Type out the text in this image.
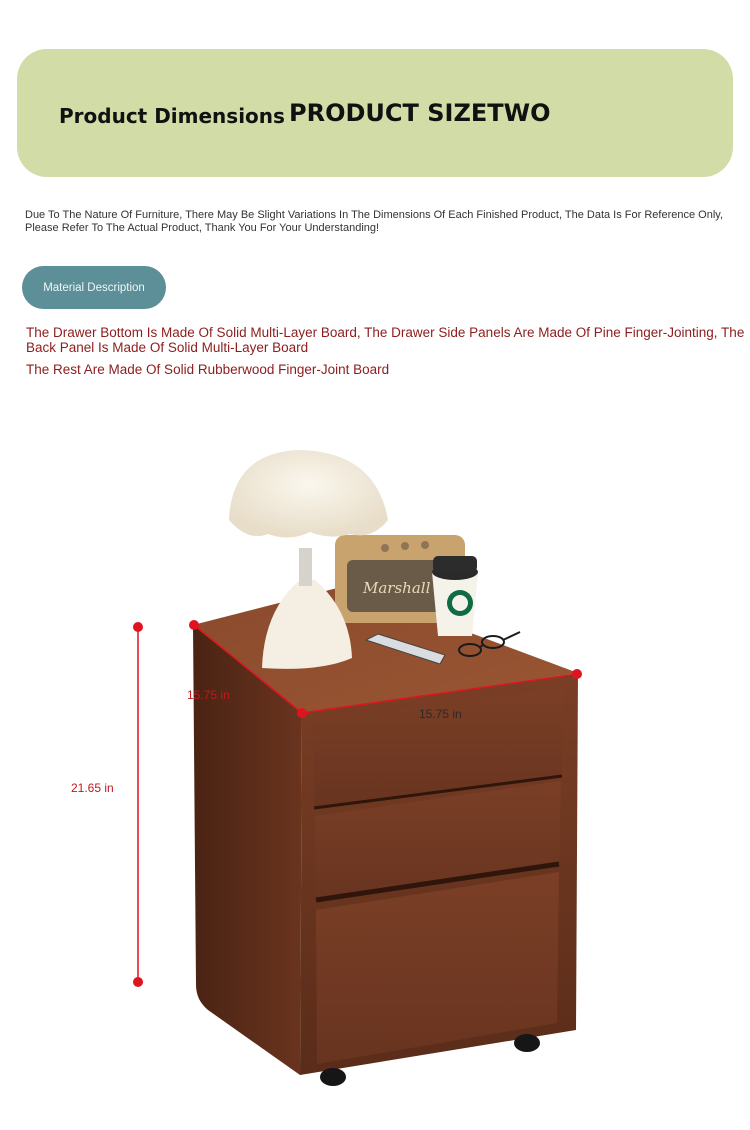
Product Dimensions PRODUCT SIZETWO

Due To The Nature Of Furniture, There May Be Slight Variations In The Dimensions Of Each Finished Product, The Data Is For Reference Only, Please Refer To The Actual Product, Thank You For Your Understanding!

Material Description

The Drawer Bottom Is Made Of Solid Multi-Layer Board, The Drawer Side Panels Are Made Of Pine Finger-Jointing, The Back Panel Is Made Of Solid Multi-Layer Board

The Rest Are Made Of Solid Rubberwood Finger-Joint Board

Marshall
21.65 in
15.75 in
15.75 in
